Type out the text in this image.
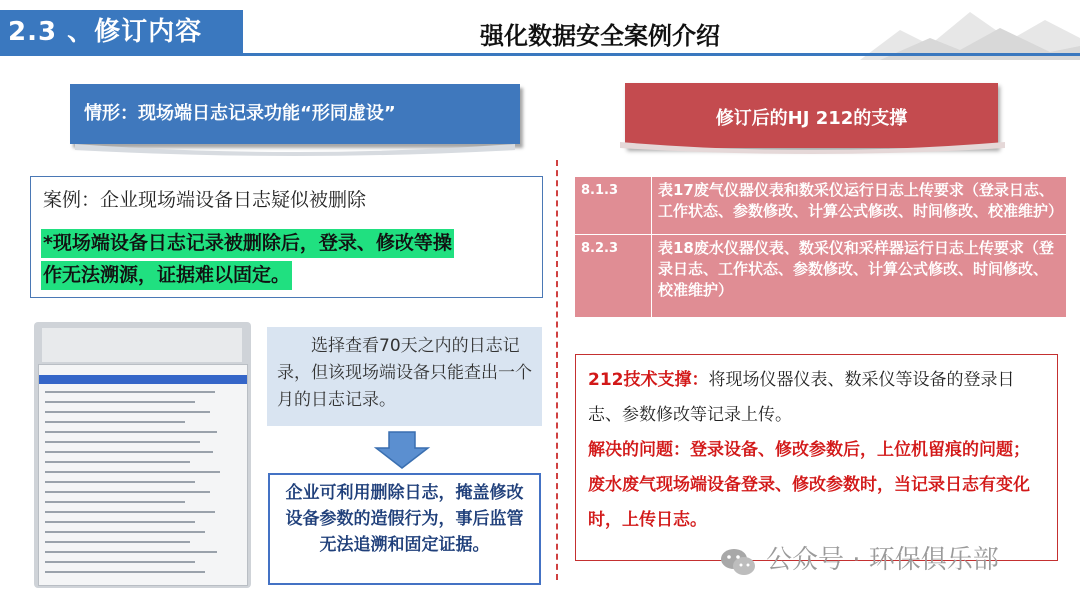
2.3 、修订内容	强化数据安全案例介绍
情形：现场端日志记录功能“形同虚设”
案例：企业现场端设备日志疑似被删除
*现场端设备日志记录被删除后，登录、修改等操
作无法溯源，证据难以固定。
选择查看70天之内的日志记录，但该现场端设备只能查出一个月的日志记录。
企业可利用删除日志，掩盖修改设备参数的造假行为，事后监管无法追溯和固定证据。
修订后的HJ 212的支撑
8.1.3	表17废气仪器仪表和数采仪运行日志上传要求（登录日志、工作状态、参数修改、计算公式修改、时间修改、校准维护）
8.2.3	表18废水仪器仪表、数采仪和采样器运行日志上传要求（登录日志、工作状态、参数修改、计算公式修改、时间修改、校准维护）
212技术支撑：将现场仪器仪表、数采仪等设备的登录日志、参数修改等记录上传。
解决的问题：登录设备、修改参数后，上位机留痕的问题；废水废气现场端设备登录、修改参数时，当记录日志有变化时，上传日志。
公众号 · 环保俱乐部
